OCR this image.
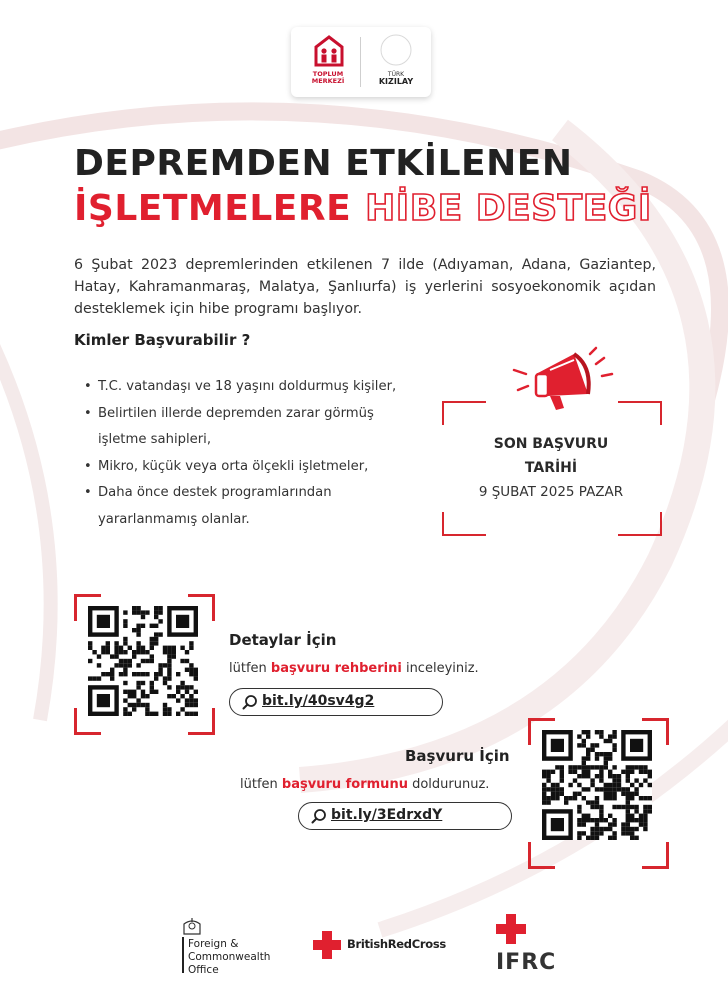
TOPLUM
MERKEZİ
TÜRK
KIZILAY
DEPREMDEN ETKİLENEN
İŞLETMELERE HİBE DESTEĞİ
6 Şubat 2023 depremlerinden etkilenen 7 ilde (Adıyaman, Adana, Gaziantep, Hatay, Kahramanmaraş, Malatya, Şanlıurfa) iş yerlerini sosyoekonomik açıdan desteklemek için hibe programı başlıyor.
Kimler Başvurabilir ?
• T.C. vatandaşı ve 18 yaşını doldurmuş kişiler,
• Belirtilen illerde depremden zarar görmüş işletme sahipleri,
• Mikro, küçük veya orta ölçekli işletmeler,
• Daha önce destek programlarından yararlanmamış olanlar.
SON BAŞVURU
TARİHİ
9 ŞUBAT 2025 PAZAR
Detaylar İçin
lütfen başvuru rehberini inceleyiniz.
bit.ly/40sv4g2
Başvuru İçin
lütfen başvuru formunu doldurunuz.
bit.ly/3EdrxdY
Foreign &
Commonwealth
Office
BritishRedCross
IFRC
